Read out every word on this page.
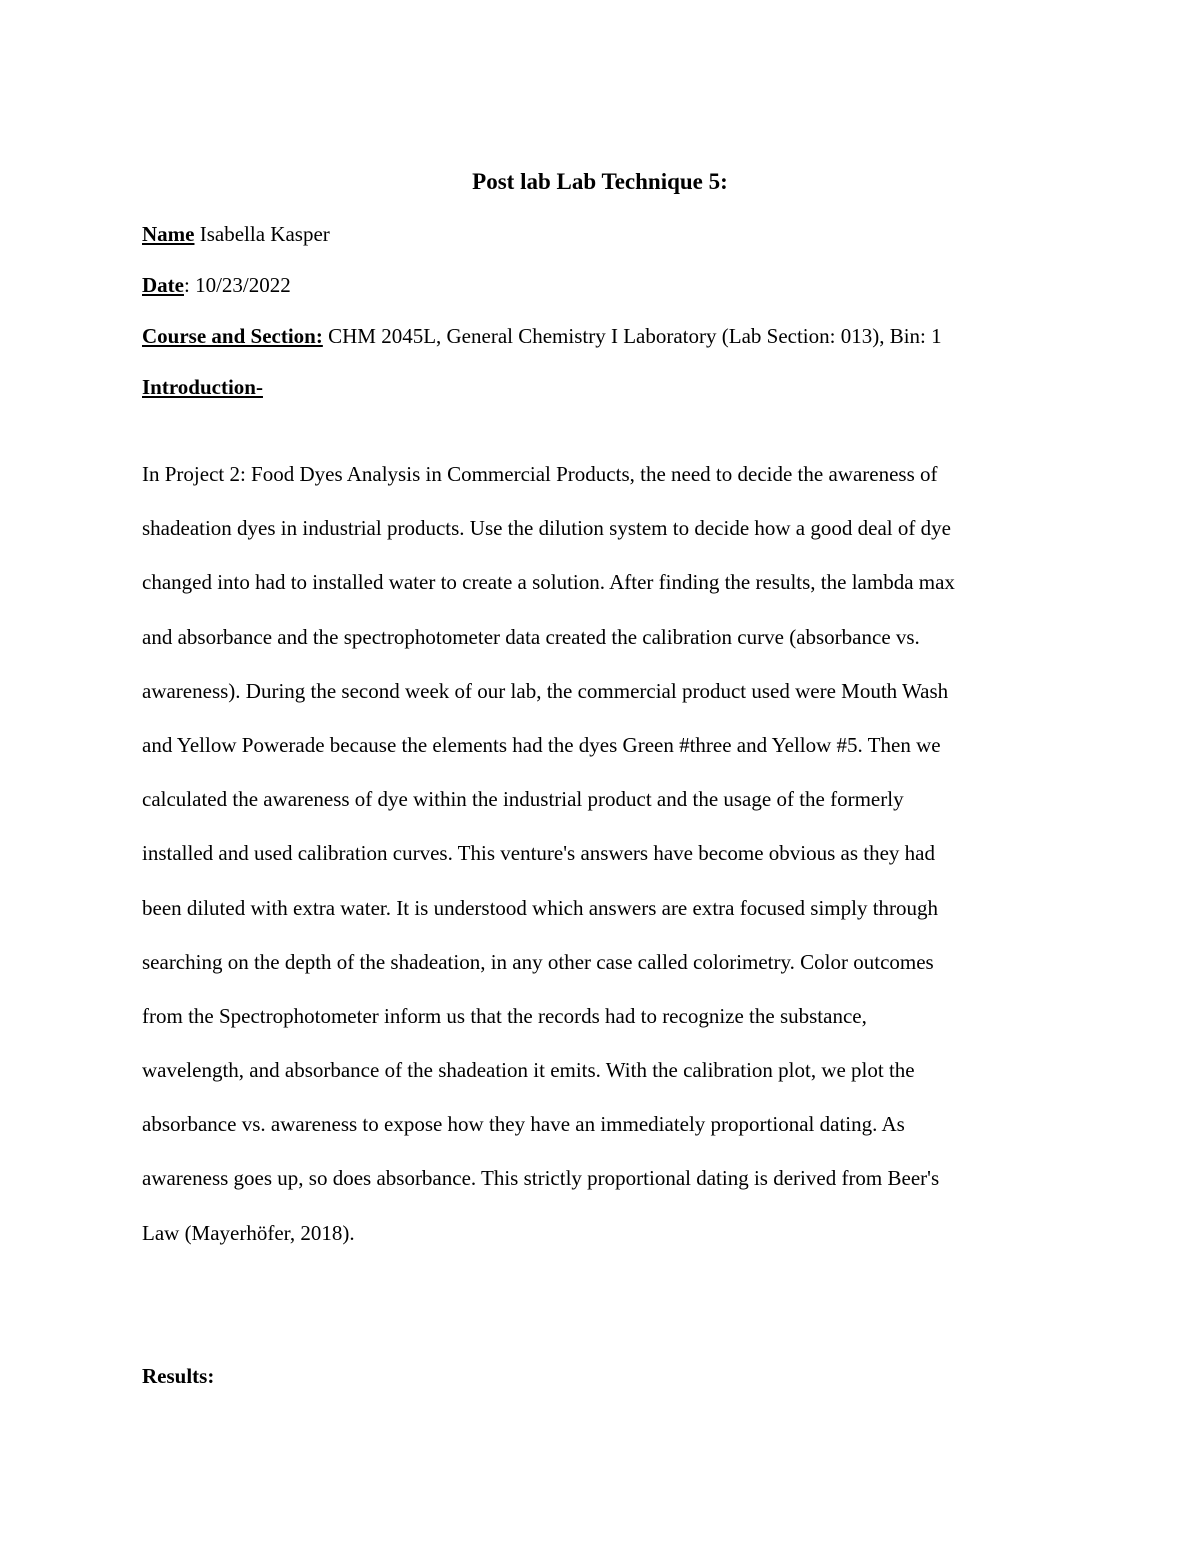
Post lab Lab Technique 5:
Name Isabella Kasper
Date: 10/23/2022
Course and Section: CHM 2045L, General Chemistry I Laboratory (Lab Section: 013), Bin: 1
Introduction-
In Project 2: Food Dyes Analysis in Commercial Products, the need to decide the awareness of
shadeation dyes in industrial products. Use the dilution system to decide how a good deal of dye
changed into had to installed water to create a solution. After finding the results, the lambda max
and absorbance and the spectrophotometer data created the calibration curve (absorbance vs.
awareness). During the second week of our lab, the commercial product used were Mouth Wash
and Yellow Powerade because the elements had the dyes Green #three and Yellow #5. Then we
calculated the awareness of dye within the industrial product and the usage of the formerly
installed and used calibration curves. This venture's answers have become obvious as they had
been diluted with extra water. It is understood which answers are extra focused simply through
searching on the depth of the shadeation, in any other case called colorimetry. Color outcomes
from the Spectrophotometer inform us that the records had to recognize the substance,
wavelength, and absorbance of the shadeation it emits. With the calibration plot, we plot the
absorbance vs. awareness to expose how they have an immediately proportional dating. As
awareness goes up, so does absorbance. This strictly proportional dating is derived from Beer's
Law (Mayerhöfer, 2018).
Results:
